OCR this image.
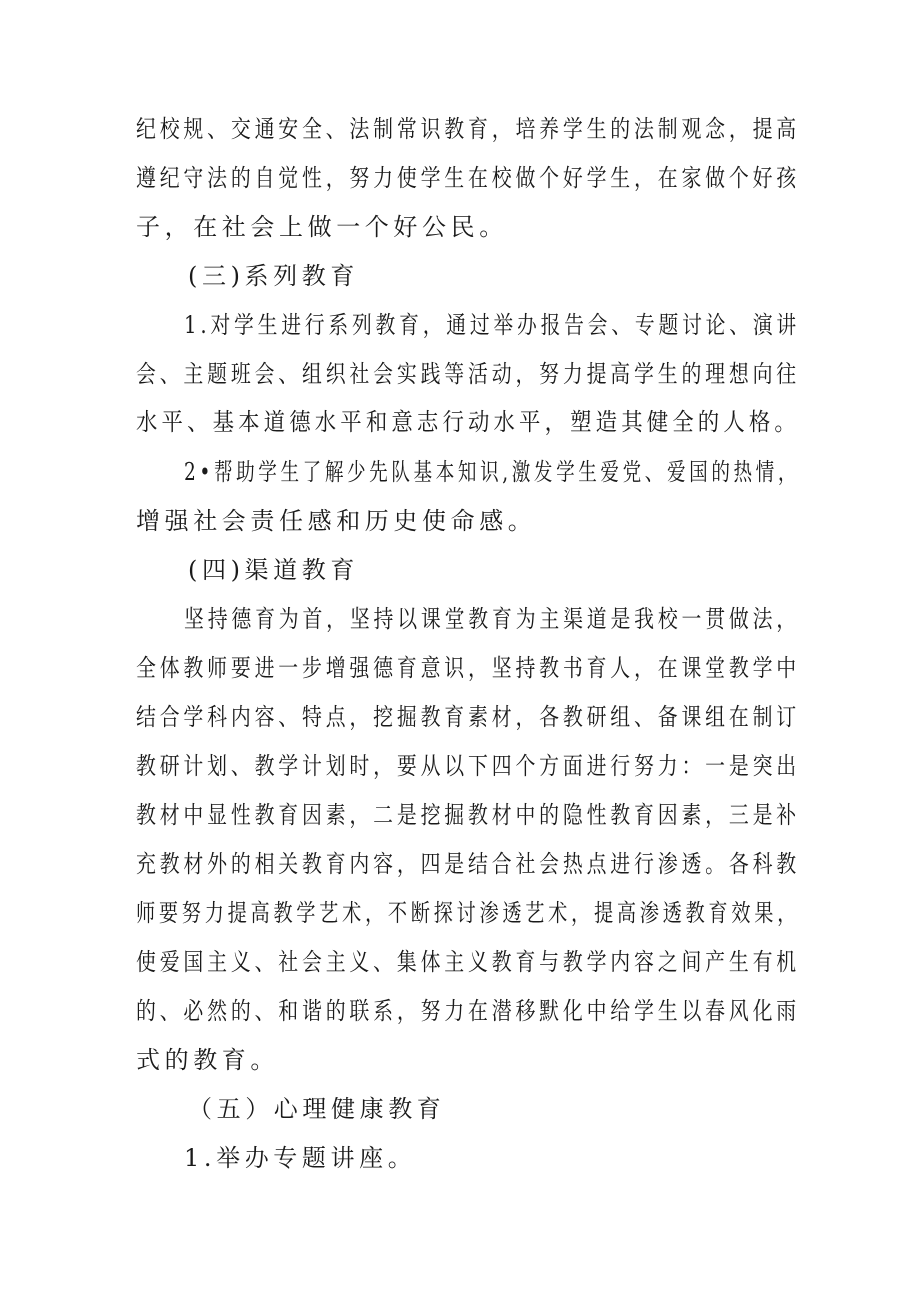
纪校规、交通安全、法制常识教育，培养学生的法制观念，提高
遵纪守法的自觉性，努力使学生在校做个好学生，在家做个好孩
子，在社会上做一个好公民。
(三)系列教育
1.对学生进行系列教育，通过举办报告会、专题讨论、演讲
会、主题班会、组织社会实践等活动，努力提高学生的理想向往
水平、基本道德水平和意志行动水平，塑造其健全的人格。
2•帮助学生了解少先队基本知识,激发学生爱党、爱国的热情，
增强社会责任感和历史使命感。
(四)渠道教育
坚持德育为首，坚持以课堂教育为主渠道是我校一贯做法，
全体教师要进一步增强德育意识，坚持教书育人，在课堂教学中
结合学科内容、特点，挖掘教育素材，各教研组、备课组在制订
教研计划、教学计划时，要从以下四个方面进行努力：一是突出
教材中显性教育因素，二是挖掘教材中的隐性教育因素，三是补
充教材外的相关教育内容，四是结合社会热点进行渗透。各科教
师要努力提高教学艺术，不断探讨渗透艺术，提高渗透教育效果，
使爱国主义、社会主义、集体主义教育与教学内容之间产生有机
的、必然的、和谐的联系，努力在潜移默化中给学生以春风化雨
式的教育。
（五）心理健康教育
1.举办专题讲座。
